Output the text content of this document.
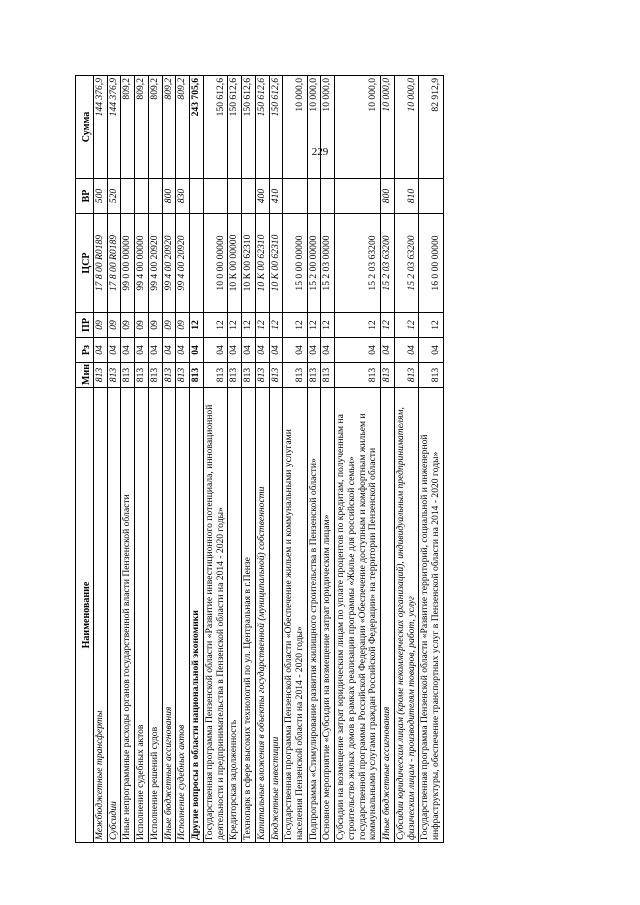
229
Наименование	Мин	Рз	ПР	ЦСР	ВР	Сумма
Межбюджетные трансферты	813	04	09	17 8 00 R0189	500	144 376,9
Субсидии	813	04	09	17 8 00 R0189	520	144 376,9
Иные непрограммные расходы органов государственной власти Пензенской области	813	04	09	99 0 00 00000		809,2
Исполнение судебных актов	813	04	09	99 4 00 00000		809,2
Исполнение решений судов	813	04	09	99 4 00 20920		809,2
Иные бюджетные ассигнования	813	04	09	99 4 00 20920	800	809,2
Исполнение судебных актов	813	04	09	99 4 00 20920	830	809,2
Другие вопросы в области национальной экономики	813	04	12			243 705,6
Государственная программа Пензенской области «Развитие инвестиционного потенциала, инновационной деятельности и предпринимательства в Пензенской области на 2014 - 2020 годы»	813	04	12	10 0 00 00000		150 612,6
Кредиторская задолженность	813	04	12	10 К 00 00000		150 612,6
Технопарк в сфере высоких технологий по ул. Центральная в г.Пензе	813	04	12	10 К 00 62310		150 612,6
Капитальные вложения в объекты государственной (муниципальной) собственности	813	04	12	10 К 00 62310	400	150 612,6
Бюджетные инвестиции	813	04	12	10 К 00 62310	410	150 612,6
Государственная программа Пензенской области «Обеспечение жильем и коммунальными услугами населения Пензенской области на 2014 - 2020 годы»	813	04	12	15 0 00 00000		10 000,0
Подпрограмма «Стимулирование развития жилищного строительства в Пензенской области»	813	04	12	15 2 00 00000		10 000,0
Основное мероприятие «Субсидии на возмещение затрат юридическим лицам»	813	04	12	15 2 03 00000		10 000,0
Субсидии на возмещение затрат юридическим лицам по уплате процентов по кредитам, полученным на строительство жилых домов в рамках реализации программы «Жилье для российской семьи» государственной программы Российской Федерации «Обеспечение доступным и комфортным жильем и коммунальными услугами граждан Российской Федерации» на территории Пензенской области	813	04	12	15 2 03 63200		10 000,0
Иные бюджетные ассигнования	813	04	12	15 2 03 63200	800	10 000,0
Субсидии юридическим лицам (кроме некоммерческих организаций), индивидуальным предпринимателям, физическим лицам - производителям товаров, работ, услуг	813	04	12	15 2 03 63200	810	10 000,0
Государственная программа Пензенской области «Развитие территорий, социальной и инженерной инфраструктуры, обеспечение транспортных услуг в Пензенской области на 2014 - 2020 годы»	813	04	12	16 0 00 00000		82 912,9
